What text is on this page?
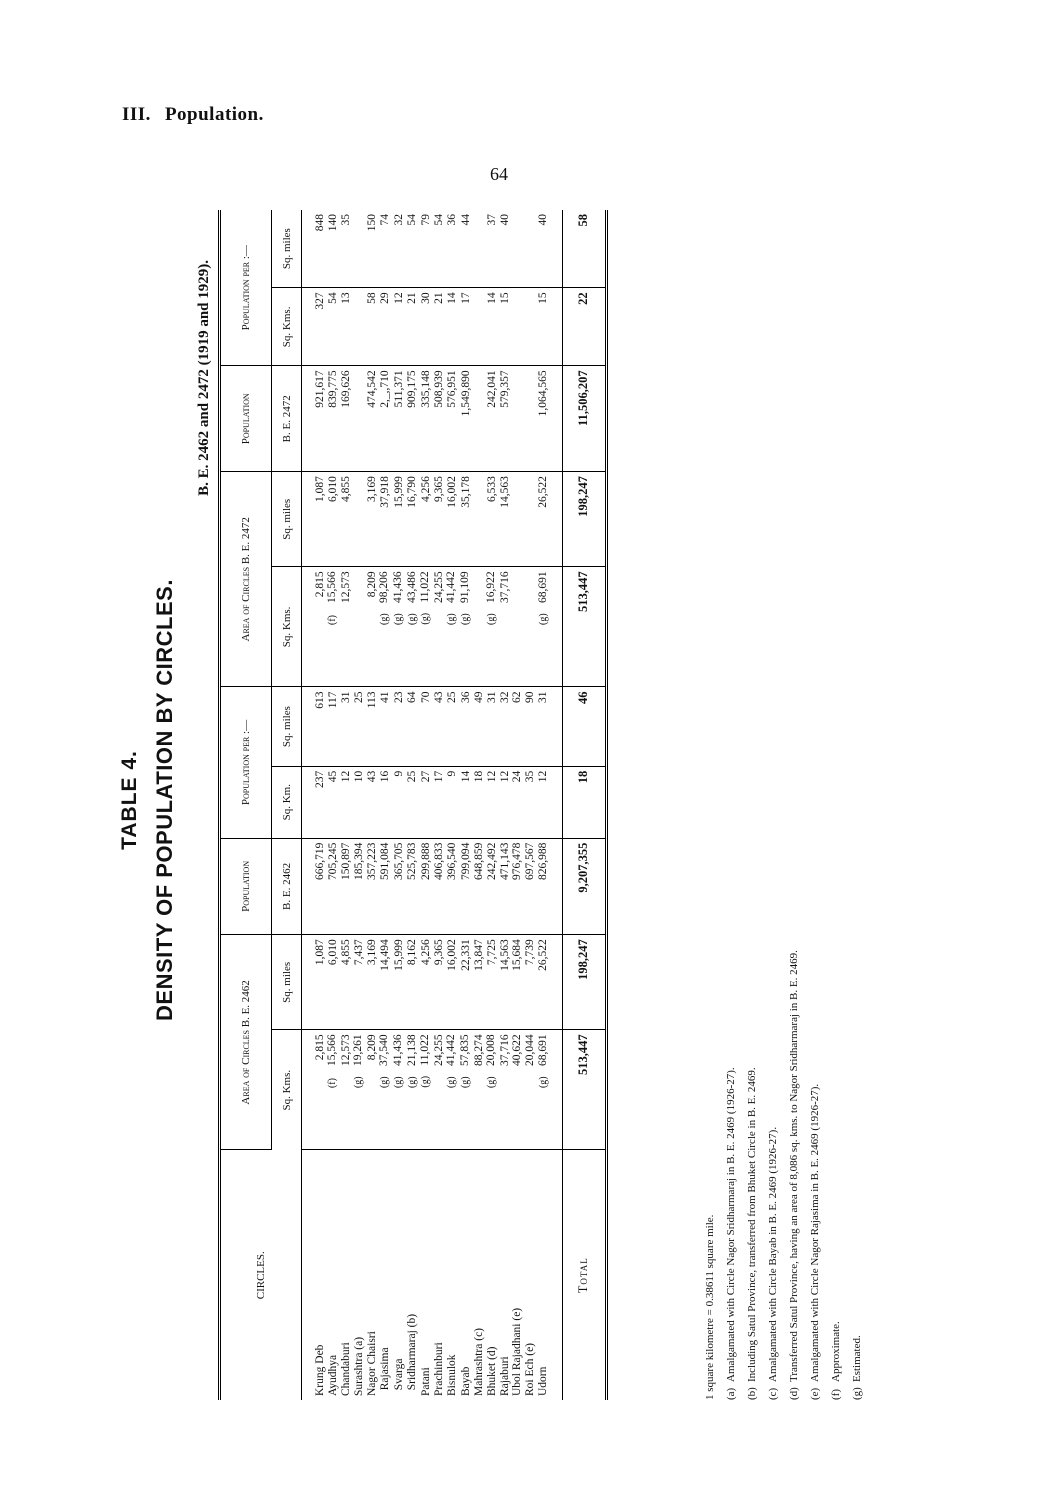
III. Population.
64
TABLE 4. DENSITY OF POPULATION BY CIRCLES.
B. E. 2462 and 2472 (1919 and 1929).
CIRCLES.	Area of Circles B. E. 2462		Population	Population per :—		Area of Circles B. E. 2472		Population	Population per :—	
	Sq. Kms.	Sq. miles	B. E. 2462	Sq. Km.	Sq. miles	Sq. Kms.	Sq. miles	B. E. 2472	Sq. Kms.	Sq. miles

Krung Deb	2,815	1,087	666,719	237	613	2,815	1,087	921,617	327	848
Ayudhya	(f)15,566	6,010	705,245	45	117	(f)15,566	6,010	839,775	54	140
Chandaburi	12,573	4,855	150,897	12	31	12,573	4,855	169,626	13	35
Surashtra (a)	(g)19,261	7,437	185,394	10	25					
Nagor Chaisri	8,209	3,169	357,223	43	113	8,209	3,169	474,542	58	150
Rajasima	(g)37,540	14,494	591,084	16	41	(g)98,206	37,918	2,_,,710	29	74
Svarga	(g)41,436	15,999	365,705	9	23	(g)41,436	15,999	511,371	12	32
Sridharmaraj (b)	(g)21,138	8,162	525,783	25	64	(g)43,486	16,790	909,175	21	54
Patani	(g)11,022	4,256	299,888	27	70	(g)11,022	4,256	335,148	30	79
Prachinburi	24,255	9,365	406,833	17	43	24,255	9,365	508,939	21	54
Bisnulok	(g)41,442	16,002	396,540	9	25	(g)41,442	16,002	576,951	14	36
Bayab	(g)57,835	22,331	799,094	14	36	(g)91,109	35,178	1,549,890	17	44
Mahrashtra (c)	88,274	13,847	648,859	18	49					
Bhuket (d)	(g)20,008	7,725	242,492	12	31	(g)16,922	6,533	242,041	14	37
Rajaburi	37,716	14,563	471,143	12	32	37,716	14,563	579,357	15	40
Ubol Rajadhani (e)	40,622	15,684	976,478	24	62					
Roi Ech (e)	20,044	7,739	697,567	35	90					
Udorn	(g)68,691	26,522	826,988	12	31	(g)68,691	26,522	1,064,565	15	40

Total	513,447	198,247	9,207,355	18	46	513,447	198,247	11,506,207	22	58
1 square kilometre = 0.38611 square mile. (a)Amalgamated with Circle Nagor Sridharmaraj in B. E. 2469 (1926-27).
(b)Including Satul Province, transferred from Bhuket Circle in B. E. 2469.
(c)Amalgamated with Circle Bayab in B. E. 2469 (1926-27).
(d)Transferred Satul Province, having an area of 8,086 sq. kms. to Nagor Sridharmaraj in B. E. 2469.
(e)Amalgamated with Circle Nagor Rajasima in B. E. 2469 (1926-27).
(f)Approximate.
(g)Estimated.
